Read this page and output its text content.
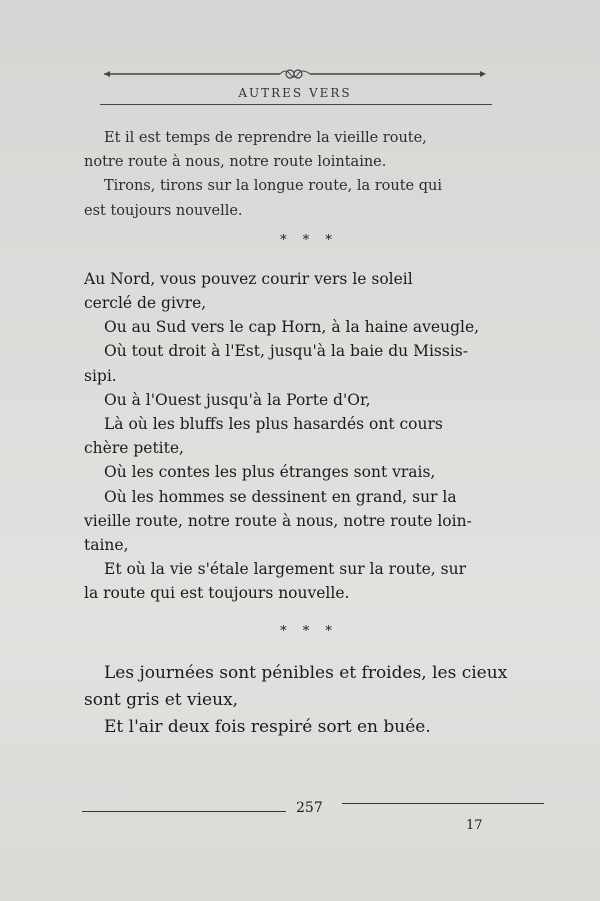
AUTRES VERS
Et il est temps de reprendre la vieille route,
notre route à nous, notre route lointaine.
Tirons, tirons sur la longue route, la route qui
est toujours nouvelle.
* * *
Au Nord, vous pouvez courir vers le soleil
cerclé de givre,
Ou au Sud vers le cap Horn, à la haine aveugle,
Où tout droit à l'Est, jusqu'à la baie du Missis-
sipi.
Ou à l'Ouest jusqu'à la Porte d'Or,
Là où les bluffs les plus hasardés ont cours
chère petite,
Où les contes les plus étranges sont vrais,
Où les hommes se dessinent en grand, sur la
vieille route, notre route à nous, notre route loin-
taine,
Et où la vie s'étale largement sur la route, sur
la route qui est toujours nouvelle.
* * *
Les journées sont pénibles et froides, les cieux
sont gris et vieux,
Et l'air deux fois respiré sort en buée.
257
17
